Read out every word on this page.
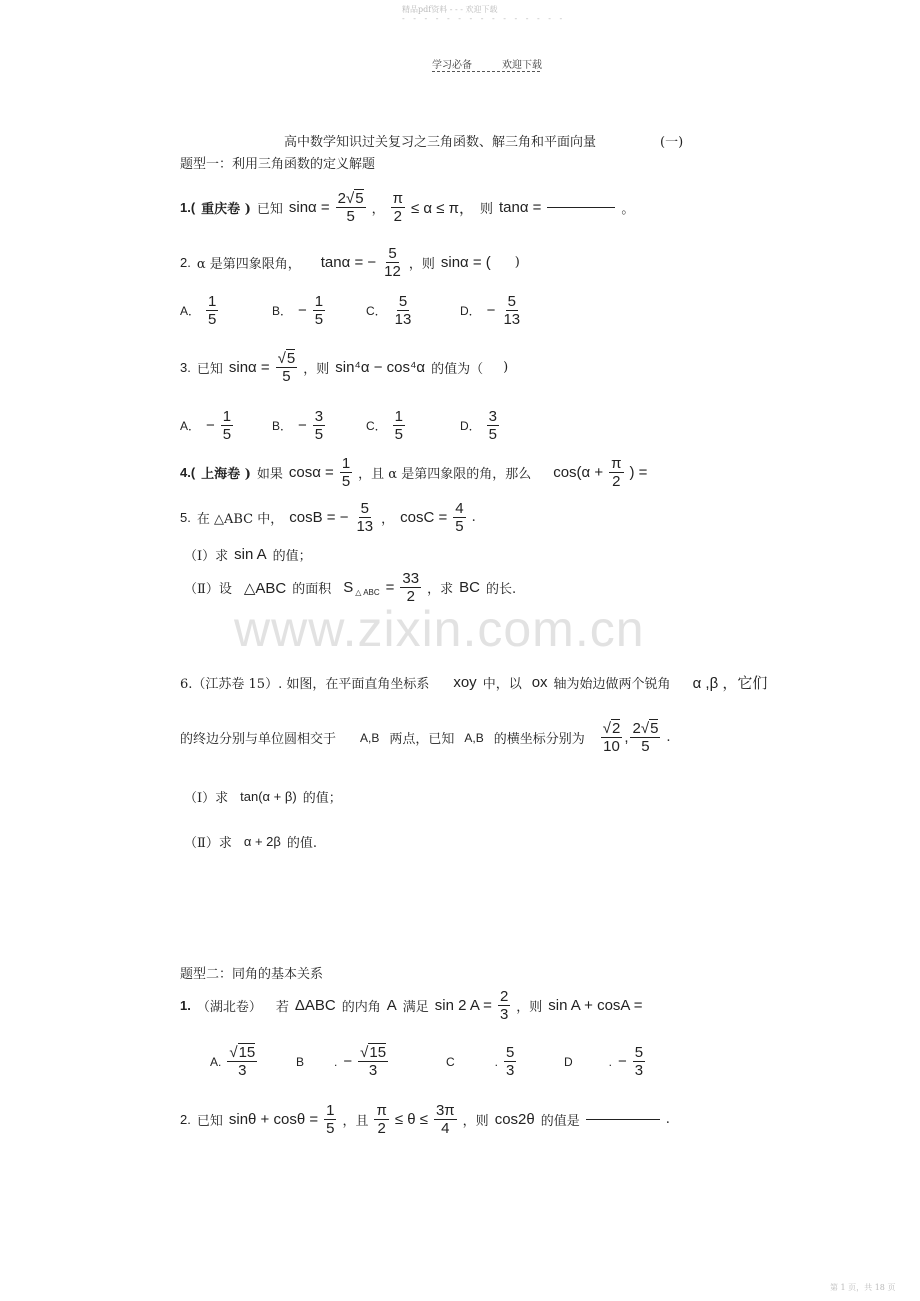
精品pdf资料 - - - 欢迎下载
- - - - - - - - - - - - - - -
学习必备	欢迎下载
高中数学知识过关复习之三角函数、解三角和平面向量	(一)
题型一：利用三角函数的定义解题
1.( 重庆卷 ) 已知 $\sin\alpha = \frac{2√5}{5}$ ， $\frac{\pi}{2} \le \alpha \le \pi$， 则 tanα =	。
2. α 是第四象限角， tanα = − $\frac{5}{12}$ ，则 sinα = ( )
A． $\frac{1}{5}$	B． − $\frac{1}{5}$	C． $\frac{5}{13}$	D． − $\frac{5}{13}$
3. 已知 $\sin\alpha = \frac{√5}{5}$ ，则 sin⁴α − cos⁴α 的值为（ )
A． − $\frac{1}{5}$	B． − $\frac{3}{5}$	C． $\frac{1}{5}$	D． $\frac{3}{5}$
4.( 上海卷 ) 如果 $\cos\alpha = \frac{1}{5}$ ，且 α 是第四象限的角，那么 $\cos(\alpha + \frac{\pi}{2}$ ) =
5. 在 △ABC 中， cosB = − $\frac{5}{13}$ ， $\cos C = \frac{4}{5}$ .
（Ⅰ）求 sin A 的值；
（Ⅱ）设 △ABC 的面积 S △ ABC = $\frac{33}{2}$ ，求 BC 的长.
www.zixin.com.cn
6.（江苏卷 15）. 如图，在平面直角坐标系 xoy 中，以 ox 轴为始边做两个锐角 α ,β ，它们
的终边分别与单位圆相交于 A,B 两点，已知 A,B 的横坐标分别为 $\frac{√2}{10}$ , $\frac{2√5}{5}$ .
（Ⅰ）求 tan(α + β) 的值；
（Ⅱ）求 α + 2β 的值.
题型二：同角的基本关系
1. （湖北卷） 若 ΔABC 的内角 A 满足 sin 2 $A = \frac{2}{3}$ ，则 sin A + cosA =
A. $\frac{√15}{3}$	B	. − $\frac{√15}{3}$	C	. $\frac{5}{3}$	D	. − $\frac{5}{3}$
2. 已知 $\sin\theta + \cos\theta = \frac{1}{5}$ ，且 $\frac{\pi}{2} \le \theta \le \frac{3\pi}{4}$ ，则 cos2θ 的值是	.
第 1 页，共 18 页
